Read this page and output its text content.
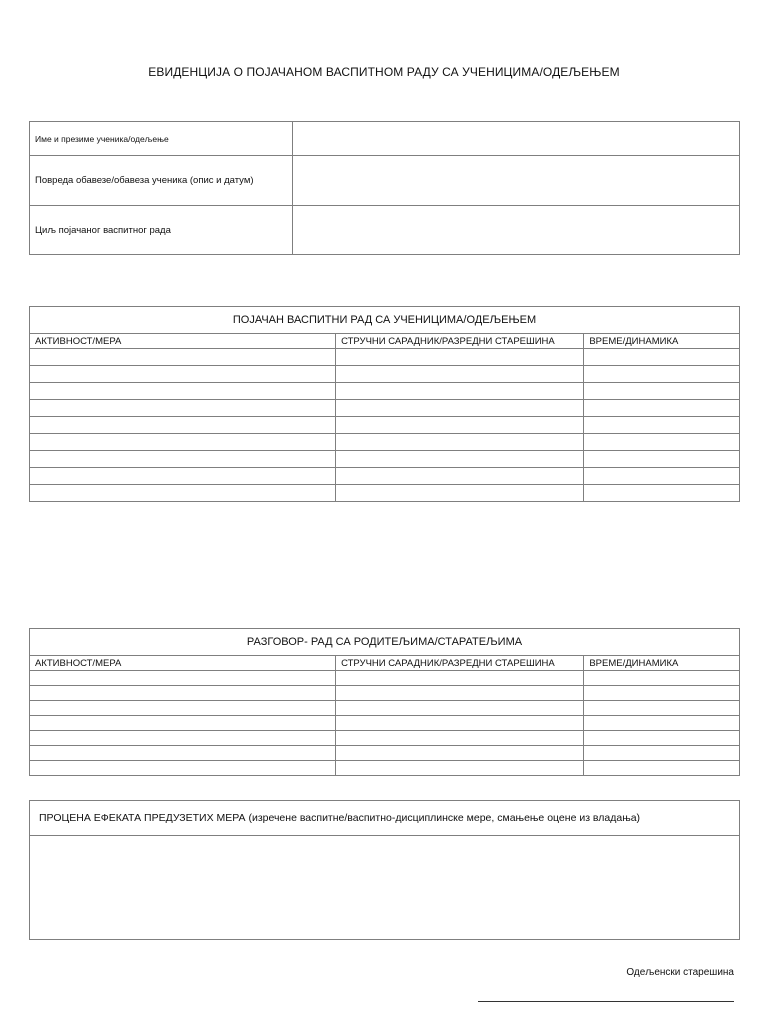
ЕВИДЕНЦИЈА О ПОЈАЧАНОМ ВАСПИТНОМ РАДУ СА УЧЕНИЦИМА/ОДЕЉЕЊЕМ
Име и презиме ученика/одељење	
Повреда обавезе/обавеза ученика (опис и датум)	
Циљ појачаног васпитног рада	
ПОЈАЧАН ВАСПИТНИ РАД СА УЧЕНИЦИМА/ОДЕЉЕЊЕМ		
АКТИВНОСТ/МЕРА	СТРУЧНИ САРАДНИК/РАЗРЕДНИ СТАРЕШИНА	ВРЕМЕ/ДИНАМИКА

РАЗГОВОР- РАД СА РОДИТЕЉИМА/СТАРАТЕЉИМА		
АКТИВНОСТ/МЕРА	СТРУЧНИ САРАДНИК/РАЗРЕДНИ СТАРЕШИНА	ВРЕМЕ/ДИНАМИКА

ПРОЦЕНА ЕФЕКАТА ПРЕДУЗЕТИХ МЕРА (изречене васпитне/васпитно-дисциплинске мере, смањење оцене из владања)
Одељенски старешина
